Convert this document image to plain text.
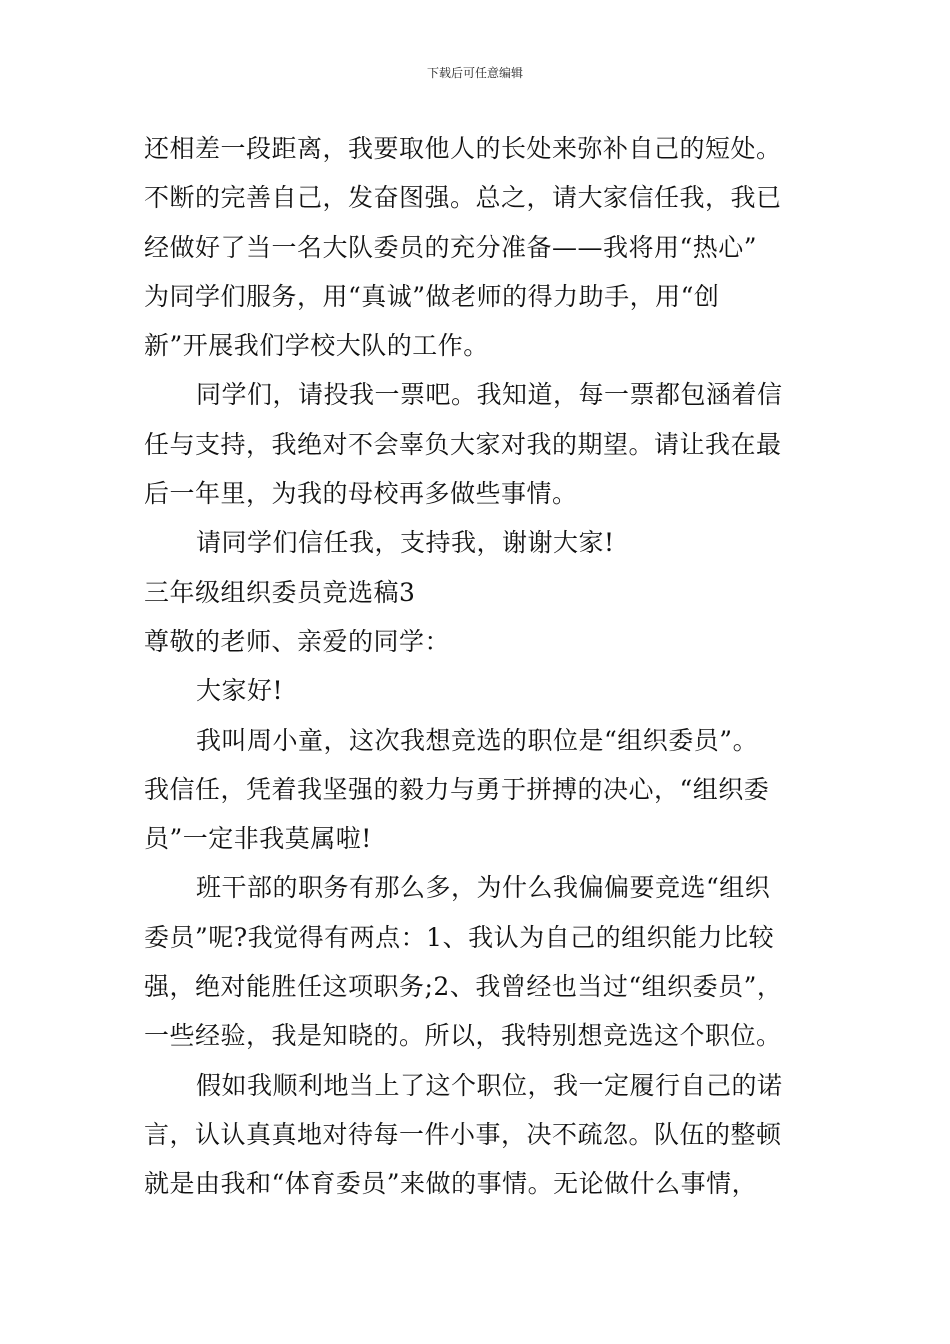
下载后可任意编辑
还相差一段距离，我要取他人的长处来弥补自己的短处。
不断的完善自己，发奋图强。总之，请大家信任我，我已
经做好了当一名大队委员的充分准备——我将用“热心”
为同学们服务，用“真诚”做老师的得力助手，用“创
新”开展我们学校大队的工作。
同学们，请投我一票吧。我知道，每一票都包涵着信
任与支持，我绝对不会辜负大家对我的期望。请让我在最
后一年里，为我的母校再多做些事情。
请同学们信任我，支持我，谢谢大家!
三年级组织委员竞选稿3
尊敬的老师、亲爱的同学：
大家好!
我叫周小童，这次我想竞选的职位是“组织委员”。
我信任，凭着我坚强的毅力与勇于拼搏的决心，“组织委
员”一定非我莫属啦!
班干部的职务有那么多，为什么我偏偏要竞选“组织
委员”呢?我觉得有两点：1、我认为自己的组织能力比较
强，绝对能胜任这项职务;2、我曾经也当过“组织委员”，
一些经验，我是知晓的。所以，我特别想竞选这个职位。
假如我顺利地当上了这个职位，我一定履行自己的诺
言，认认真真地对待每一件小事，决不疏忽。队伍的整顿
就是由我和“体育委员”来做的事情。无论做什么事情，
